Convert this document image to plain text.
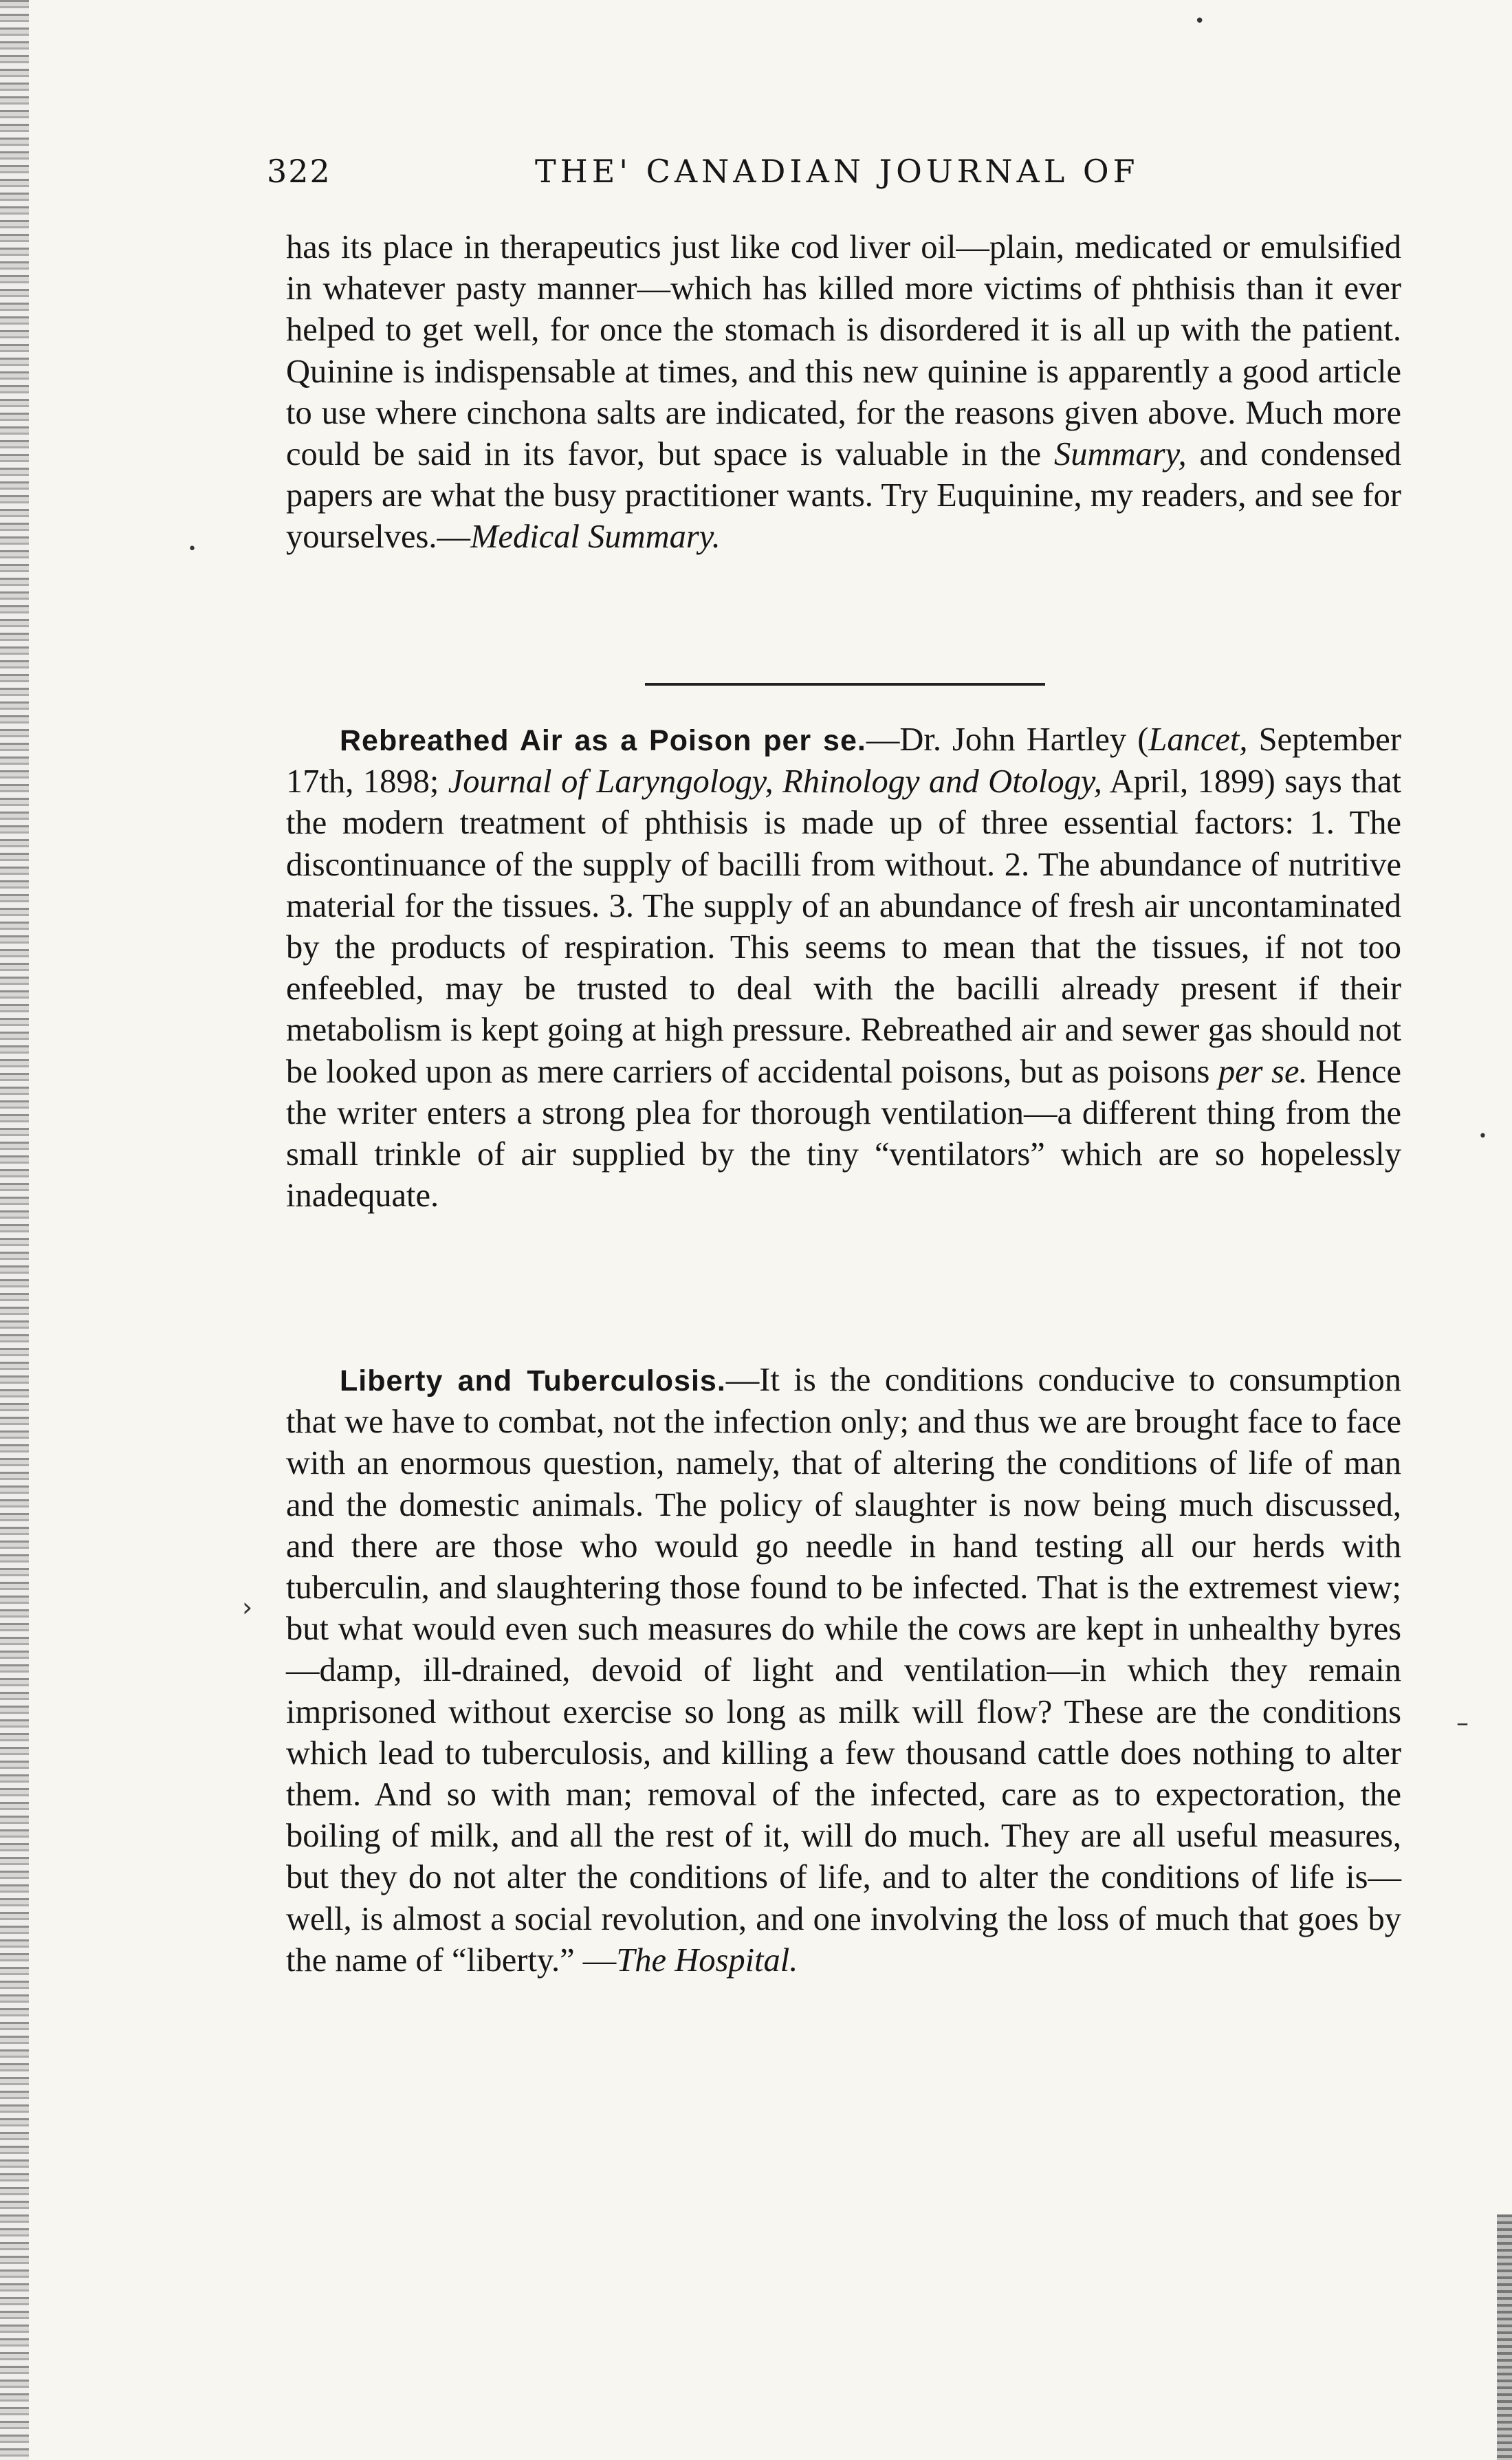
322	THE' CANADIAN JOURNAL OF
has its place in therapeutics just like cod liver oil—plain, medicated or emulsified in whatever pasty manner—which has killed more victims of phthisis than it ever helped to get well, for once the stomach is disordered it is all up with the patient. Quinine is indispensable at times, and this new quinine is apparently a good article to use where cinchona salts are indicated, for the reasons given above. Much more could be said in its favor, but space is valuable in the Summary, and condensed papers are what the busy practitioner wants. Try Euquinine, my readers, and see for yourselves.—Medical Summary.
Rebreathed Air as a Poison per se.—Dr. John Hartley (Lancet, September 17th, 1898; Journal of Laryngology, Rhinology and Otology, April, 1899) says that the modern treatment of phthisis is made up of three essential factors: 1. The discontinuance of the supply of bacilli from without. 2. The abundance of nutritive material for the tissues. 3. The supply of an abundance of fresh air uncontaminated by the products of respiration. This seems to mean that the tissues, if not too enfeebled, may be trusted to deal with the bacilli already present if their metabolism is kept going at high pressure. Rebreathed air and sewer gas should not be looked upon as mere carriers of accidental poisons, but as poisons per se. Hence the writer enters a strong plea for thorough ventilation—a different thing from the small trinkle of air supplied by the tiny “ventilators” which are so hopelessly inadequate.
Liberty and Tuberculosis.—It is the conditions conducive to consumption that we have to combat, not the infection only; and thus we are brought face to face with an enormous question, namely, that of altering the conditions of life of man and the domestic animals. The policy of slaughter is now being much discussed, and there are those who would go needle in hand testing all our herds with tuberculin, and slaughtering those found to be infected. That is the extremest view; but what would even such measures do while the cows are kept in unhealthy byres—damp, ill-drained, devoid of light and ventilation—in which they remain imprisoned without exercise so long as milk will flow? These are the conditions which lead to tuberculosis, and killing a few thousand cattle does nothing to alter them. And so with man; removal of the infected, care as to expectoration, the boiling of milk, and all the rest of it, will do much. They are all useful measures, but they do not alter the conditions of life, and to alter the conditions of life is—well, is almost a social revolution, and one involving the loss of much that goes by the name of “liberty.” —The Hospital.
•
•
•
›
–
